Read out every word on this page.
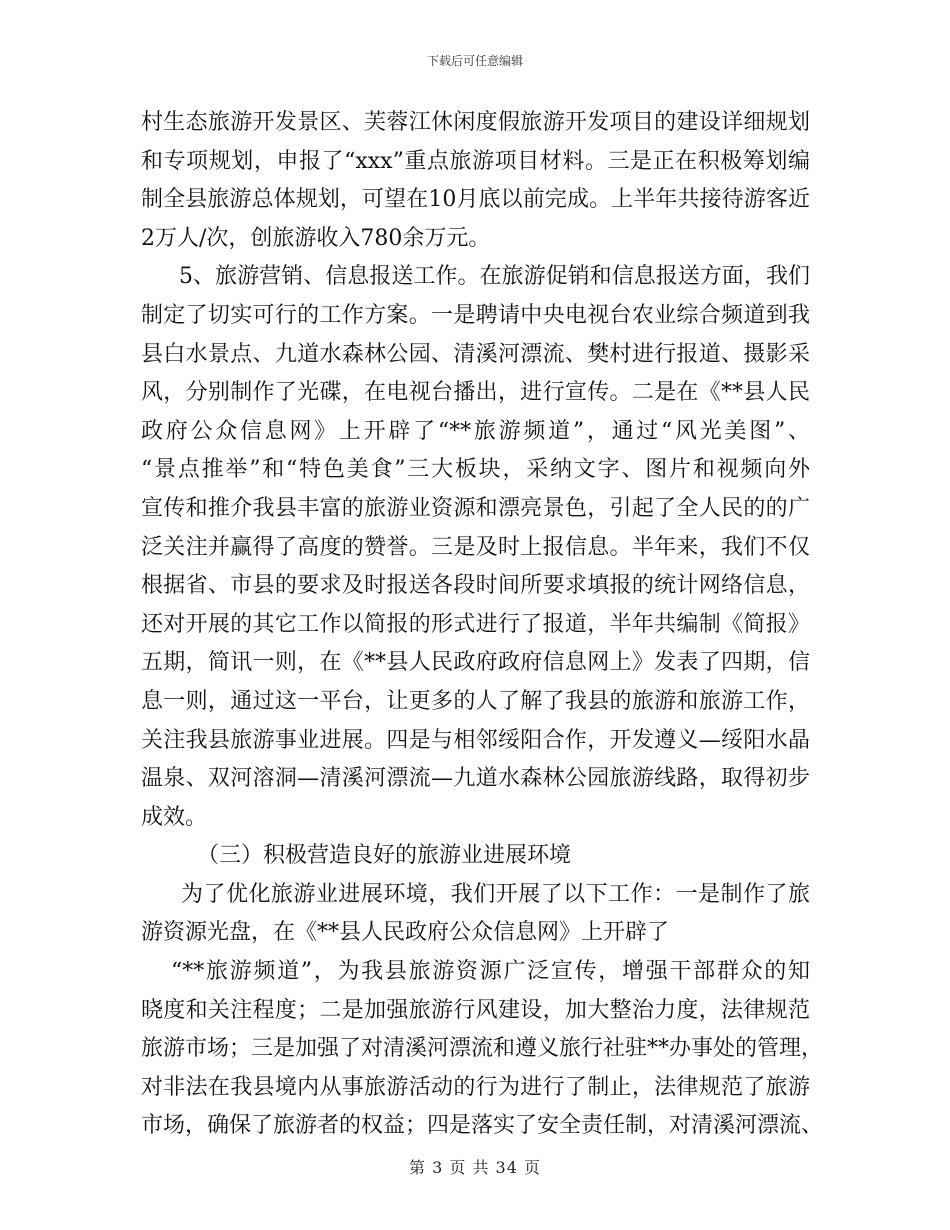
下载后可任意编辑
村生态旅游开发景区、芙蓉江休闲度假旅游开发项目的建设详细规划
和专项规划，申报了“xxx”重点旅游项目材料。三是正在积极筹划编
制全县旅游总体规划，可望在10月底以前完成。上半年共接待游客近
2万人/次，创旅游收入780余万元。
5、旅游营销、信息报送工作。在旅游促销和信息报送方面，我们
制定了切实可行的工作方案。一是聘请中央电视台农业综合频道到我
县白水景点、九道水森林公园、清溪河漂流、樊村进行报道、摄影采
风，分别制作了光碟，在电视台播出，进行宣传。二是在《**县人民
政府公众信息网》上开辟了“**旅游频道”，通过“风光美图”、
“景点推举”和“特色美食”三大板块，采纳文字、图片和视频向外
宣传和推介我县丰富的旅游业资源和漂亮景色，引起了全人民的的广
泛关注并赢得了高度的赞誉。三是及时上报信息。半年来，我们不仅
根据省、市县的要求及时报送各段时间所要求填报的统计网络信息，
还对开展的其它工作以简报的形式进行了报道，半年共编制《简报》
五期，简讯一则，在《**县人民政府政府信息网上》发表了四期，信
息一则，通过这一平台，让更多的人了解了我县的旅游和旅游工作，
关注我县旅游事业进展。四是与相邻绥阳合作，开发遵义—绥阳水晶
温泉、双河溶洞—清溪河漂流—九道水森林公园旅游线路，取得初步
成效。
（三）积极营造良好的旅游业进展环境
为了优化旅游业进展环境，我们开展了以下工作：一是制作了旅
游资源光盘，在《**县人民政府公众信息网》上开辟了
“**旅游频道”，为我县旅游资源广泛宣传，增强干部群众的知
晓度和关注程度；二是加强旅游行风建设，加大整治力度，法律规范
旅游市场；三是加强了对清溪河漂流和遵义旅行社驻**办事处的管理，
对非法在我县境内从事旅游活动的行为进行了制止，法律规范了旅游
市场，确保了旅游者的权益；四是落实了安全责任制，对清溪河漂流、
第 3 页 共 34 页
